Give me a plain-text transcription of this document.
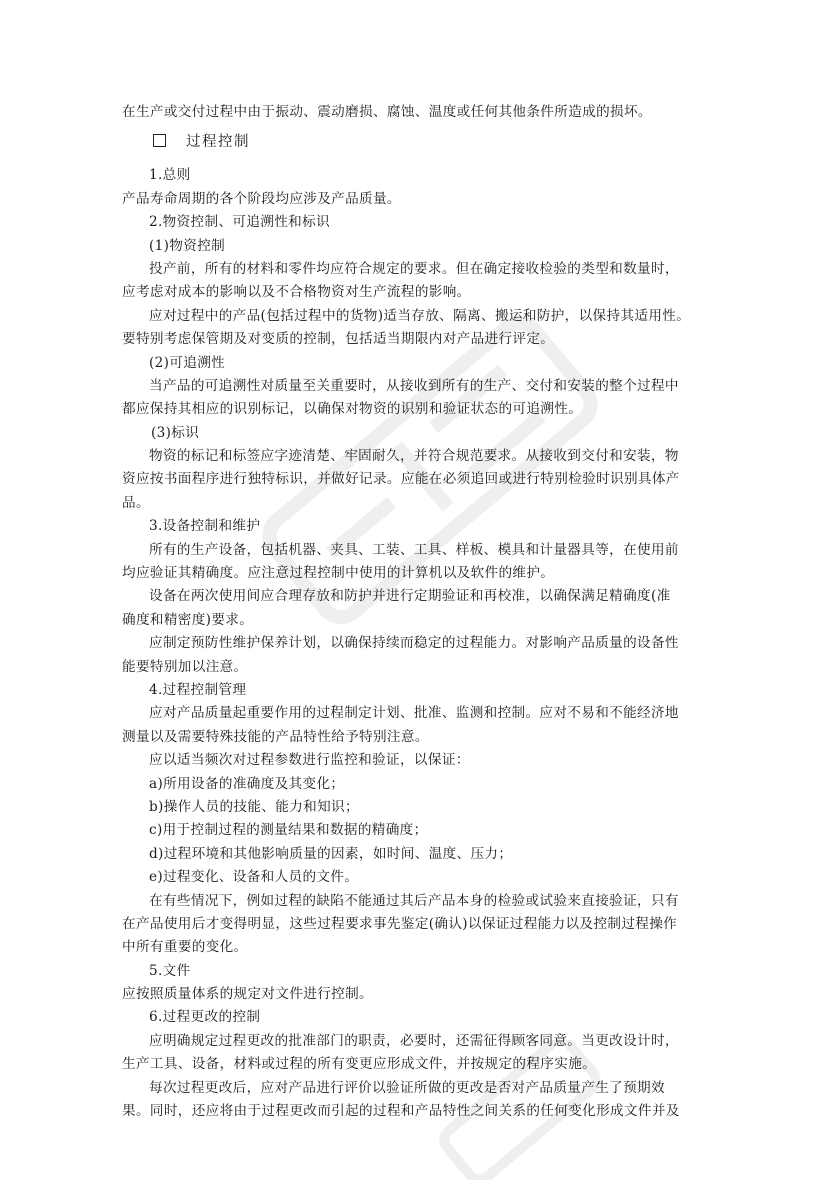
在生产或交付过程中由于振动、震动磨损、腐蚀、温度或任何其他条件所造成的损坏。
过程控制
1.总则
产品寿命周期的各个阶段均应涉及产品质量。
2.物资控制、可追溯性和标识
(1)物资控制
投产前，所有的材料和零件均应符合规定的要求。但在确定接收检验的类型和数量时，
应考虑对成本的影响以及不合格物资对生产流程的影响。
应对过程中的产品(包括过程中的货物)适当存放、隔离、搬运和防护，以保持其适用性。
要特别考虑保管期及对变质的控制，包括适当期限内对产品进行评定。
(2)可追溯性
当产品的可追溯性对质量至关重要时，从接收到所有的生产、交付和安装的整个过程中
都应保持其相应的识别标记，以确保对物资的识别和验证状态的可追溯性。
(3)标识
物资的标记和标签应字迹清楚、牢固耐久，并符合规范要求。从接收到交付和安装，物
资应按书面程序进行独特标识，并做好记录。应能在必须追回或进行特别检验时识别具体产
品。
3.设备控制和维护
所有的生产设备，包括机器、夹具、工装、工具、样板、模具和计量器具等，在使用前
均应验证其精确度。应注意过程控制中使用的计算机以及软件的维护。
设备在两次使用间应合理存放和防护并进行定期验证和再校准，以确保满足精确度(准
确度和精密度)要求。
应制定预防性维护保养计划，以确保持续而稳定的过程能力。对影响产品质量的设备性
能要特别加以注意。
4.过程控制管理
应对产品质量起重要作用的过程制定计划、批准、监测和控制。应对不易和不能经济地
测量以及需要特殊技能的产品特性给予特别注意。
应以适当频次对过程参数进行监控和验证，以保证：
a)所用设备的准确度及其变化；
b)操作人员的技能、能力和知识；
c)用于控制过程的测量结果和数据的精确度；
d)过程环境和其他影响质量的因素，如时间、温度、压力；
e)过程变化、设备和人员的文件。
在有些情况下，例如过程的缺陷不能通过其后产品本身的检验或试验来直接验证，只有
在产品使用后才变得明显，这些过程要求事先鉴定(确认)以保证过程能力以及控制过程操作
中所有重要的变化。
5.文件
应按照质量体系的规定对文件进行控制。
6.过程更改的控制
应明确规定过程更改的批准部门的职责，必要时，还需征得顾客同意。当更改设计时，
生产工具、设备，材料或过程的所有变更应形成文件，并按规定的程序实施。
每次过程更改后，应对产品进行评价以验证所做的更改是否对产品质量产生了预期效
果。同时，还应将由于过程更改而引起的过程和产品特性之间关系的任何变化形成文件并及
